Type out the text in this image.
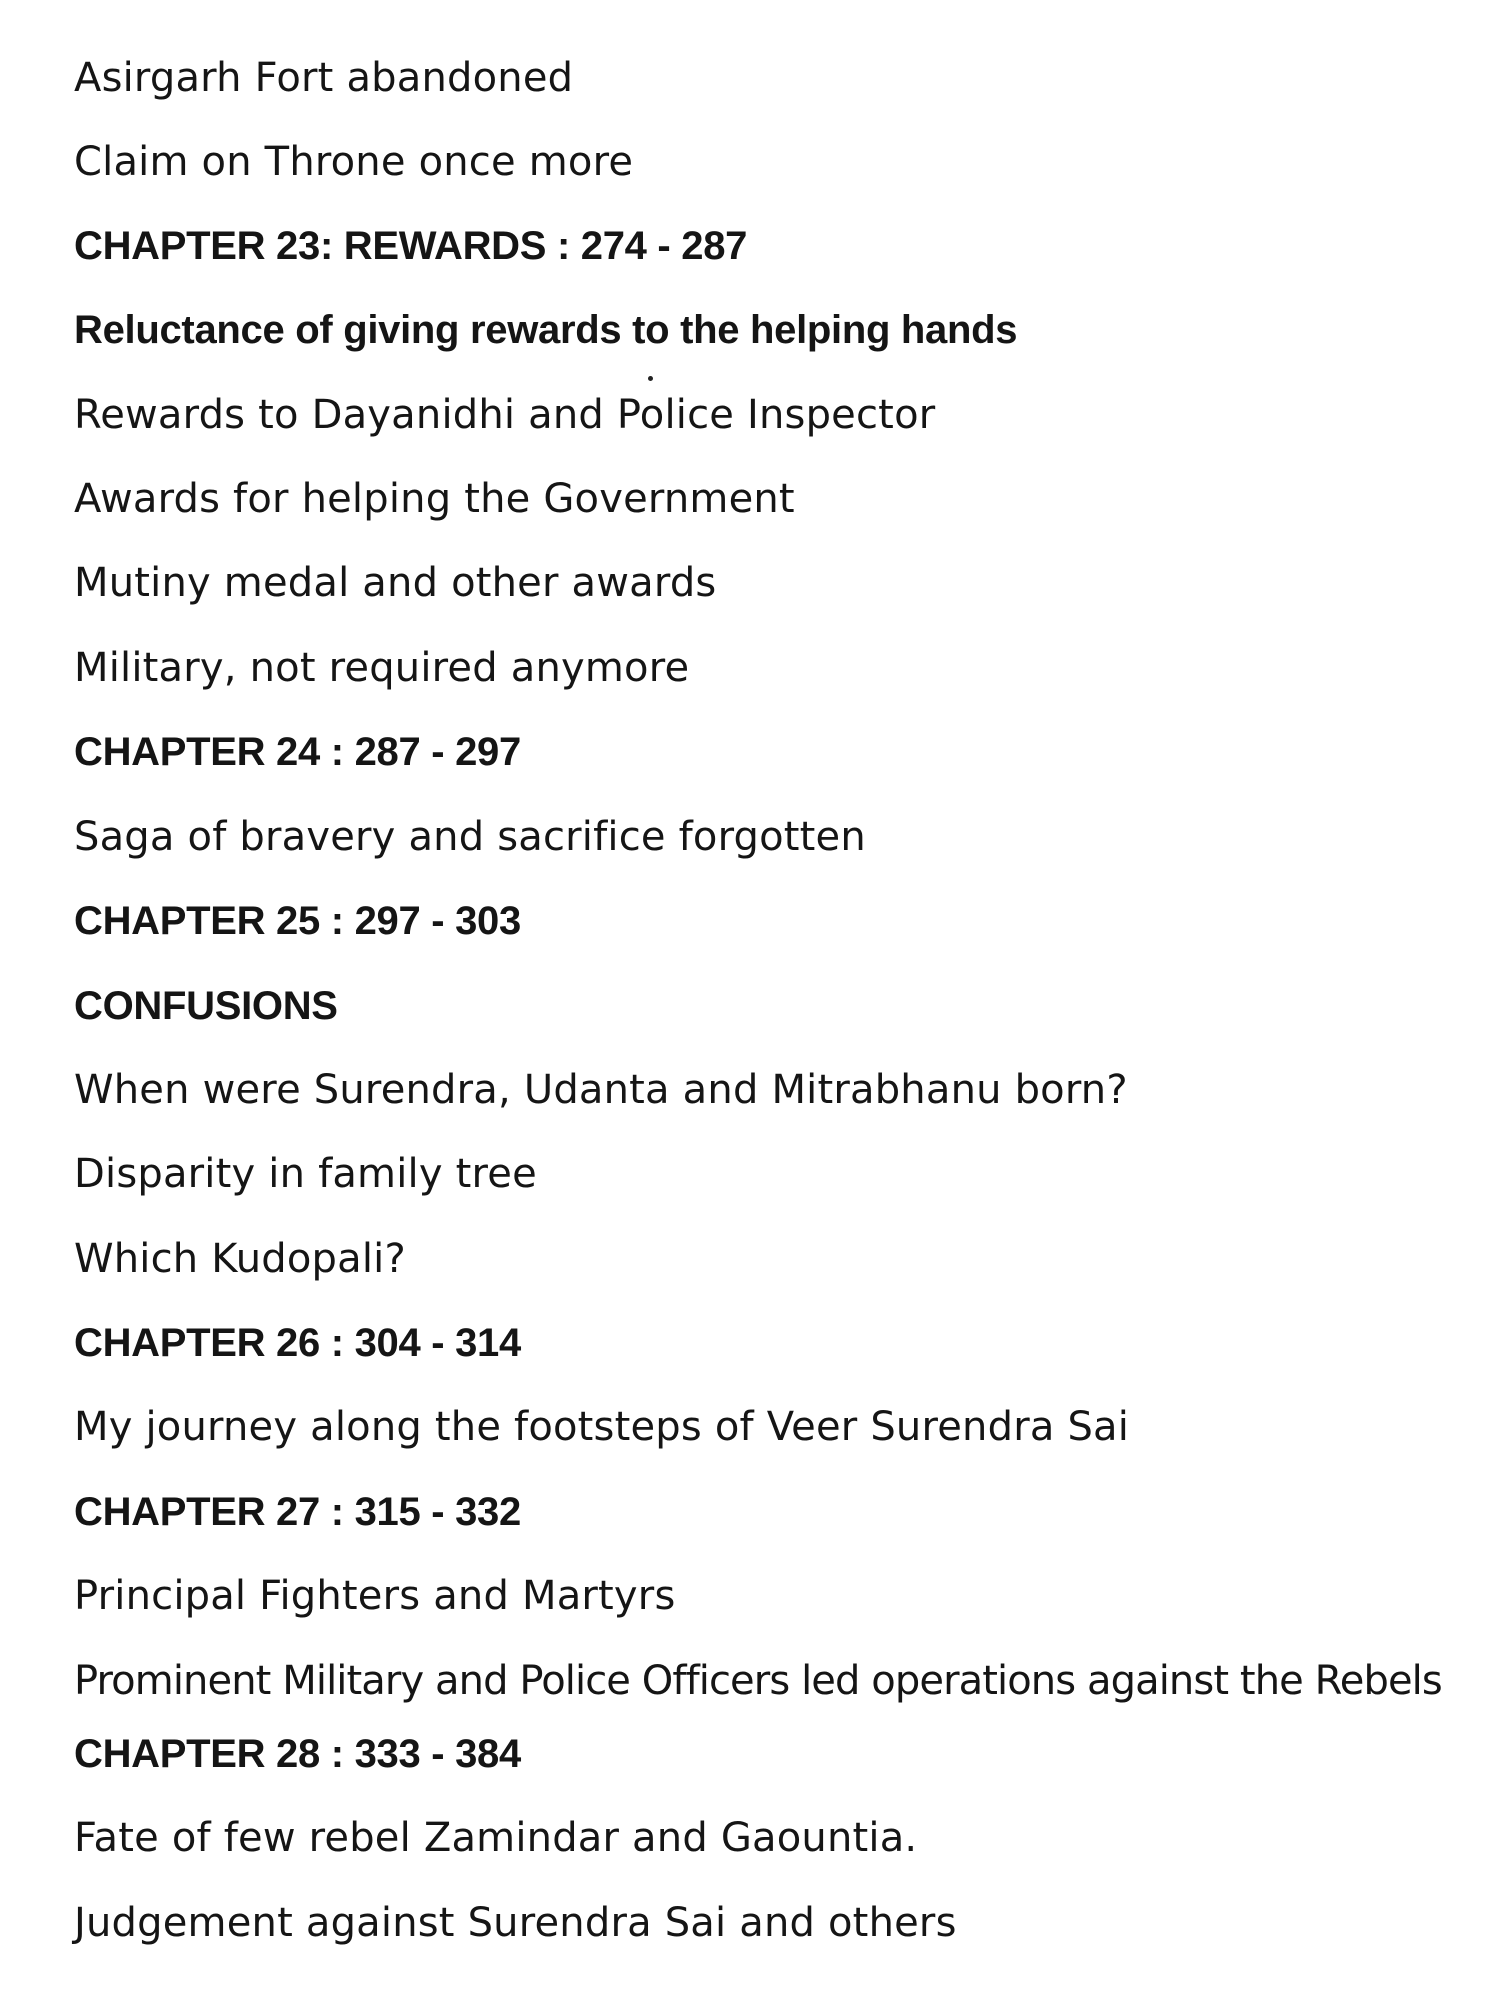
Asirgarh Fort abandoned
Claim on Throne once more
CHAPTER 23: REWARDS : 274 - 287
Reluctance of giving rewards to the helping hands
Rewards to Dayanidhi and Police Inspector
Awards for helping the Government
Mutiny medal and other awards
Military, not required anymore
CHAPTER 24 : 287 - 297
Saga of bravery and sacrifice forgotten
CHAPTER 25 : 297 - 303
CONFUSIONS
When were Surendra, Udanta and Mitrabhanu born?
Disparity in family tree
Which Kudopali?
CHAPTER 26 : 304 - 314
My journey along the footsteps of Veer Surendra Sai
CHAPTER 27 : 315 - 332
Principal Fighters and Martyrs
Prominent Military and Police Officers led operations against the Rebels
CHAPTER 28 : 333 - 384
Fate of few rebel Zamindar and Gaountia.
Judgement against Surendra Sai and others
